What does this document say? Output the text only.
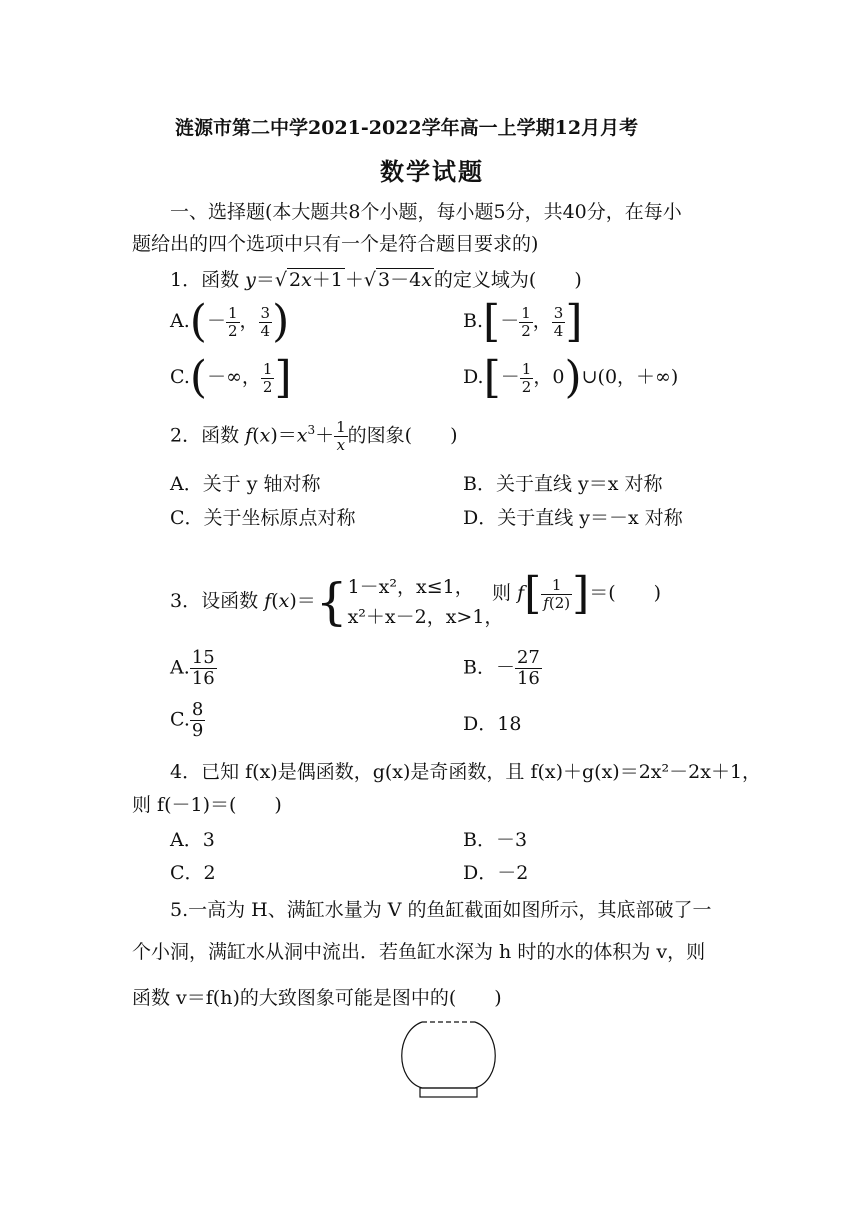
涟源市第二中学2021-2022学年高一上学期12月月考
数学试题
一、选择题(本大题共8个小题，每小题5分，共40分，在每小
题给出的四个选项中只有一个是符合题目要求的)
1．函数 y＝√ 2x＋1 ＋√ 3－4x 的定义域为(　　)
$A.(- \frac{1}{2}$ ， $\frac{3}{4}$ )	$B.[- \frac{1}{2}$ ， $\frac{3}{4}$ ]
C.(－∞， $\frac{1}{2}$ ]	$D.[- \frac{1}{2}$ ，0)∪(0，＋∞)
2．函数 $f(x)=x^3+ \frac{1}{x}$ 的图象(　　)
A．关于 y 轴对称	B．关于直线 y＝x 对称
C．关于坐标原点对称	D．关于直线 y＝－x 对称
3．设函数 f(x)＝{ 1－x²，x≤1，
x²＋x－2，x>1，
则 $f[ \frac{1}{f(2)}$ ]＝(　　)
A. $\frac{15}{16}$	B．－ $\frac{27}{16}$
C. $\frac{8}{9}$	D．18
4．已知 f(x)是偶函数，g(x)是奇函数，且 f(x)＋g(x)＝2x²－2x＋1，
则 f(－1)＝(　　)
A．3	B．－3
C．2	D．－2
5.一高为 H、满缸水量为 V 的鱼缸截面如图所示，其底部破了一
个小洞，满缸水从洞中流出．若鱼缸水深为 h 时的水的体积为 v，则
函数 v＝f(h)的大致图象可能是图中的(　　)
